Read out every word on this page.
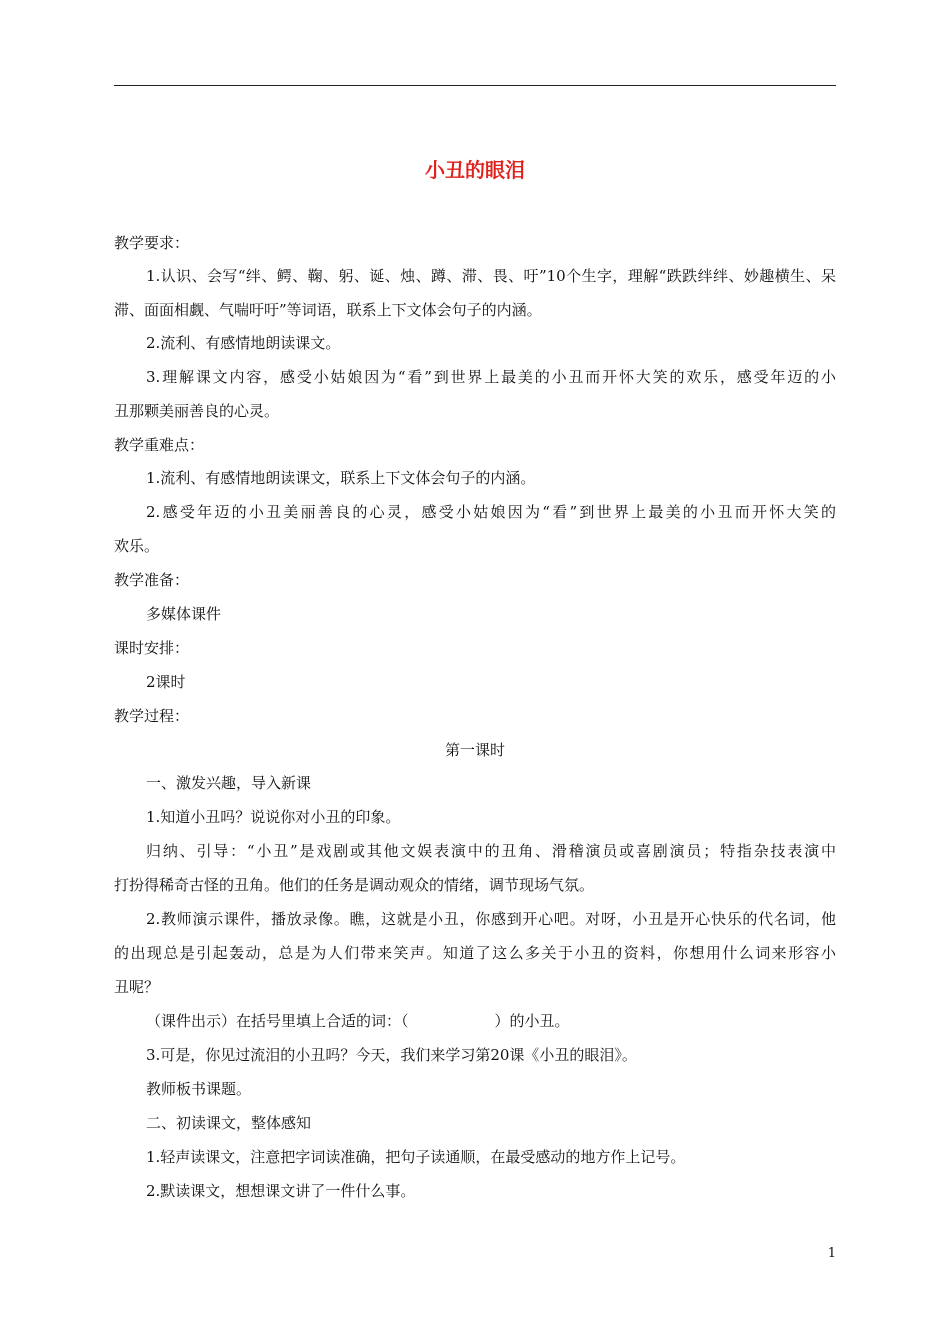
小丑的眼泪
教学要求：
1.认识、会写“绊、鳄、鞠、躬、诞、烛、蹲、滞、畏、吁”10个生字，理解“跌跌绊绊、妙趣横生、呆
滞、面面相觑、气喘吁吁”等词语，联系上下文体会句子的内涵。
2.流利、有感情地朗读课文。
3.理解课文内容，感受小姑娘因为“看”到世界上最美的小丑而开怀大笑的欢乐，感受年迈的小
丑那颗美丽善良的心灵。
教学重难点：
1.流利、有感情地朗读课文，联系上下文体会句子的内涵。
2.感受年迈的小丑美丽善良的心灵，感受小姑娘因为“看”到世界上最美的小丑而开怀大笑的
欢乐。
教学准备：
多媒体课件
课时安排：
2课时
教学过程：
第一课时
一、激发兴趣，导入新课
1.知道小丑吗？说说你对小丑的印象。
归纳、引导：“小丑”是戏剧或其他文娱表演中的丑角、滑稽演员或喜剧演员；特指杂技表演中
打扮得稀奇古怪的丑角。他们的任务是调动观众的情绪，调节现场气氛。
2.教师演示课件，播放录像。瞧，这就是小丑，你感到开心吧。对呀，小丑是开心快乐的代名词，他
的出现总是引起轰动，总是为人们带来笑声。知道了这么多关于小丑的资料，你想用什么词来形容小
丑呢？
（课件出示）在括号里填上合适的词：（	）的小丑。
3.可是，你见过流泪的小丑吗？今天，我们来学习第20课《小丑的眼泪》。
教师板书课题。
二、初读课文，整体感知
1.轻声读课文，注意把字词读准确，把句子读通顺，在最受感动的地方作上记号。
2.默读课文，想想课文讲了一件什么事。
1
